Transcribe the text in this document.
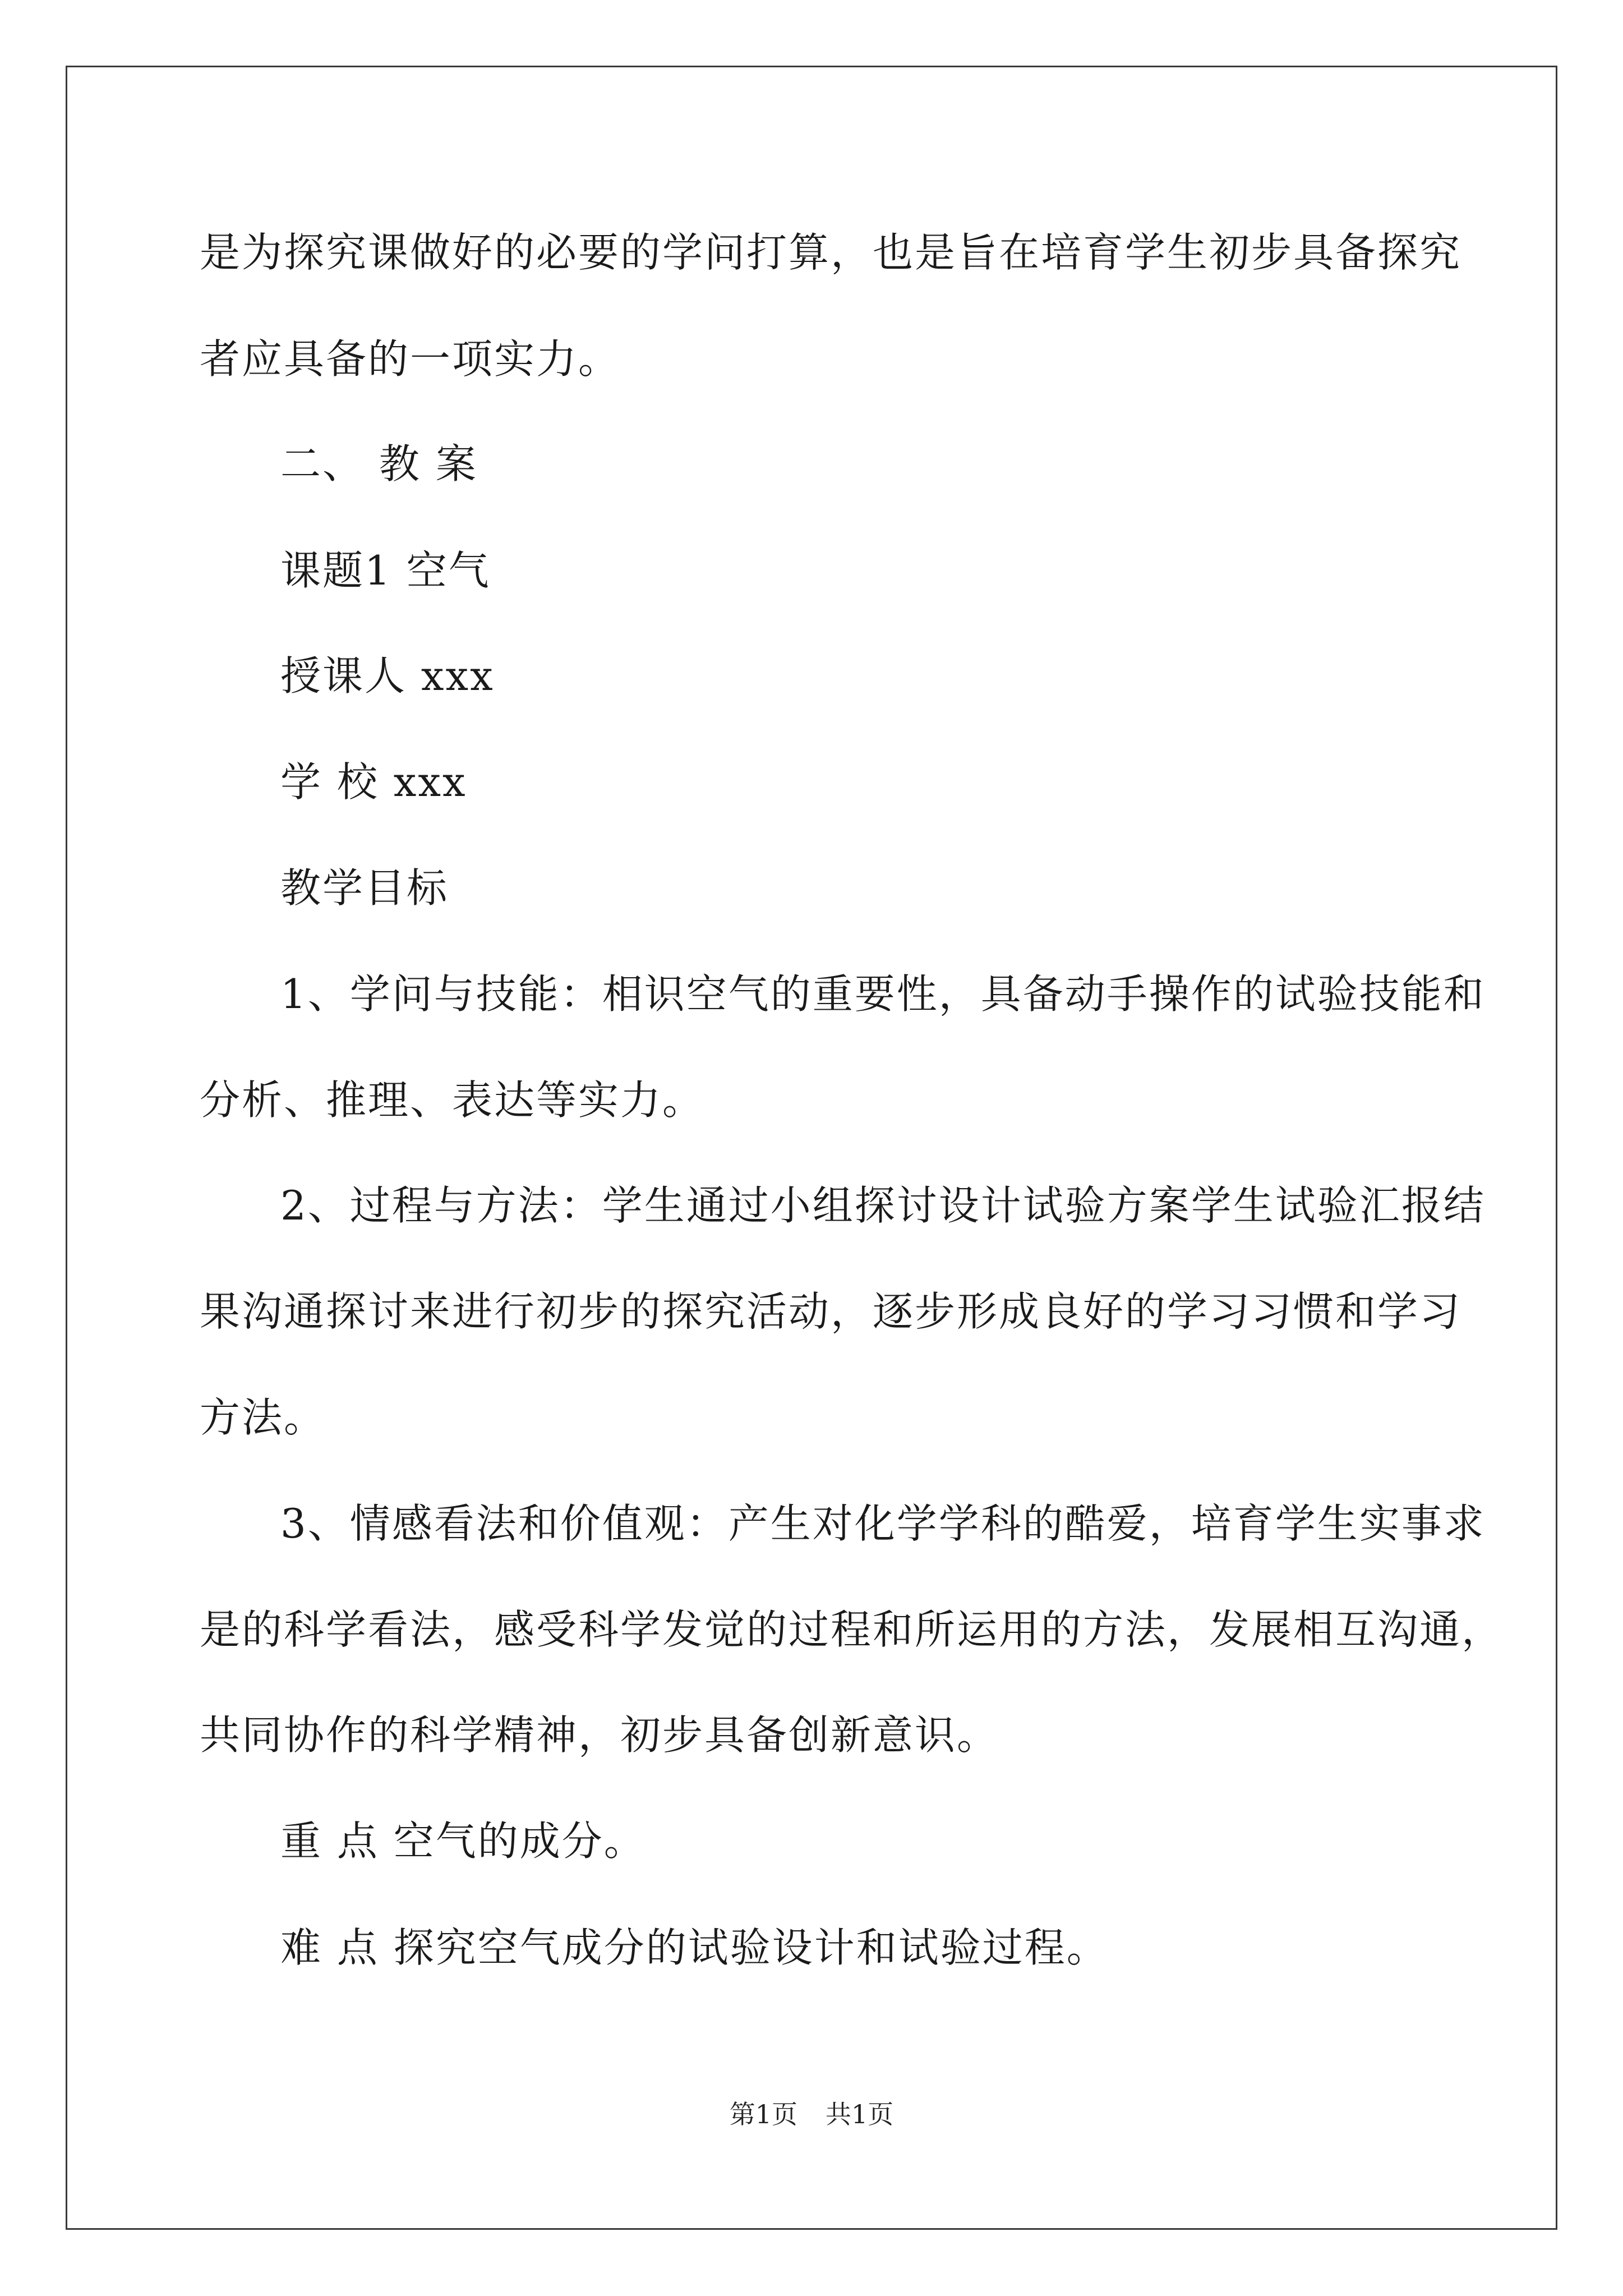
是为探究课做好的必要的学问打算，也是旨在培育学生初步具备探究
者应具备的一项实力。
二、 教 案
课题1 空气
授课人 xxx
学 校 xxx
教学目标
1、学问与技能：相识空气的重要性，具备动手操作的试验技能和
分析、推理、表达等实力。
2、过程与方法：学生通过小组探讨设计试验方案学生试验汇报结
果沟通探讨来进行初步的探究活动，逐步形成良好的学习习惯和学习
方法。
3、情感看法和价值观：产生对化学学科的酷爱，培育学生实事求
是的科学看法，感受科学发觉的过程和所运用的方法，发展相互沟通，
共同协作的科学精神，初步具备创新意识。
重 点 空气的成分。
难 点 探究空气成分的试验设计和试验过程。
第1页 共1页
